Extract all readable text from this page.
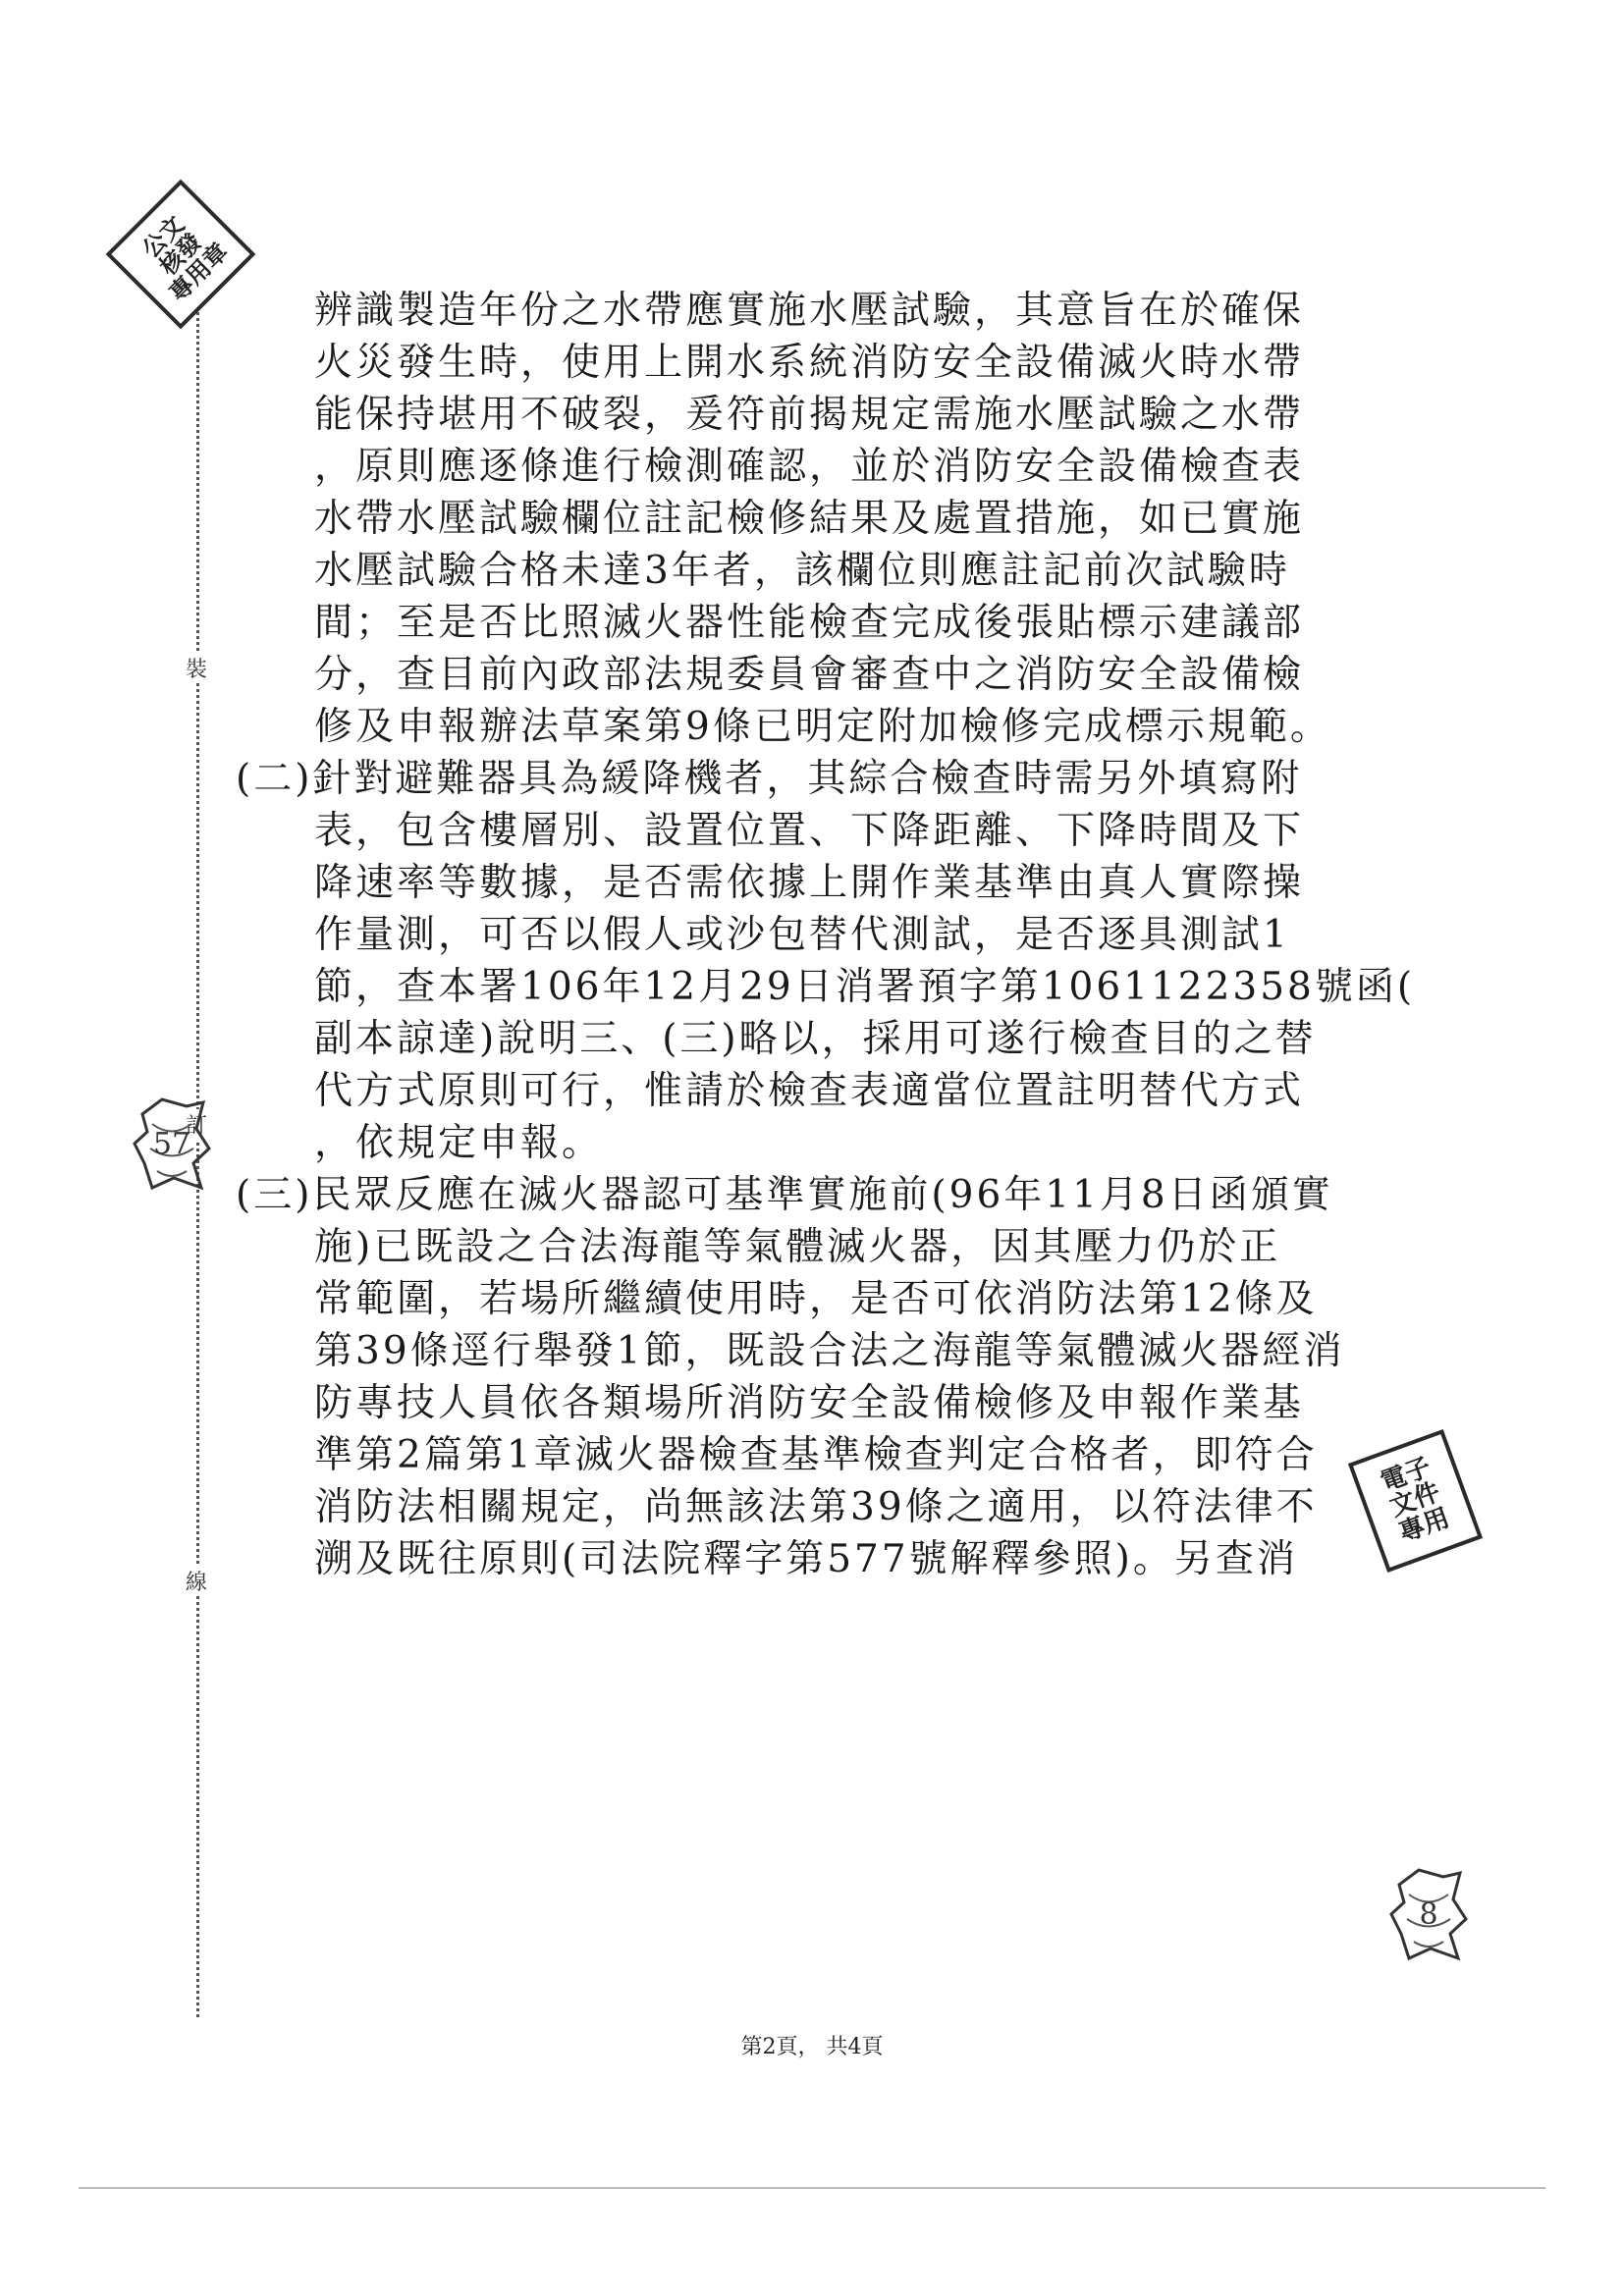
裝
訂
線
公文
核發
專用章
電子
文件
專用
57
8
辨識製造年份之水帶應實施水壓試驗，其意旨在於確保
火災發生時，使用上開水系統消防安全設備滅火時水帶
能保持堪用不破裂，爰符前揭規定需施水壓試驗之水帶
，原則應逐條進行檢測確認，並於消防安全設備檢查表
水帶水壓試驗欄位註記檢修結果及處置措施，如已實施
水壓試驗合格未達3年者，該欄位則應註記前次試驗時
間；至是否比照滅火器性能檢查完成後張貼標示建議部
分，查目前內政部法規委員會審查中之消防安全設備檢
修及申報辦法草案第9條已明定附加檢修完成標示規範。
(二)針對避難器具為緩降機者，其綜合檢查時需另外填寫附
表，包含樓層別、設置位置、下降距離、下降時間及下
降速率等數據，是否需依據上開作業基準由真人實際操
作量測，可否以假人或沙包替代測試，是否逐具測試1
節，查本署106年12月29日消署預字第1061122358號函(
副本諒達)說明三、(三)略以，採用可遂行檢查目的之替
代方式原則可行，惟請於檢查表適當位置註明替代方式
，依規定申報。
(三)民眾反應在滅火器認可基準實施前(96年11月8日函頒實
施)已既設之合法海龍等氣體滅火器，因其壓力仍於正
常範圍，若場所繼續使用時，是否可依消防法第12條及
第39條逕行舉發1節，既設合法之海龍等氣體滅火器經消
防專技人員依各類場所消防安全設備檢修及申報作業基
準第2篇第1章滅火器檢查基準檢查判定合格者，即符合
消防法相關規定，尚無該法第39條之適用，以符法律不
溯及既往原則(司法院釋字第577號解釋參照)。另查消
第2頁， 共4頁
